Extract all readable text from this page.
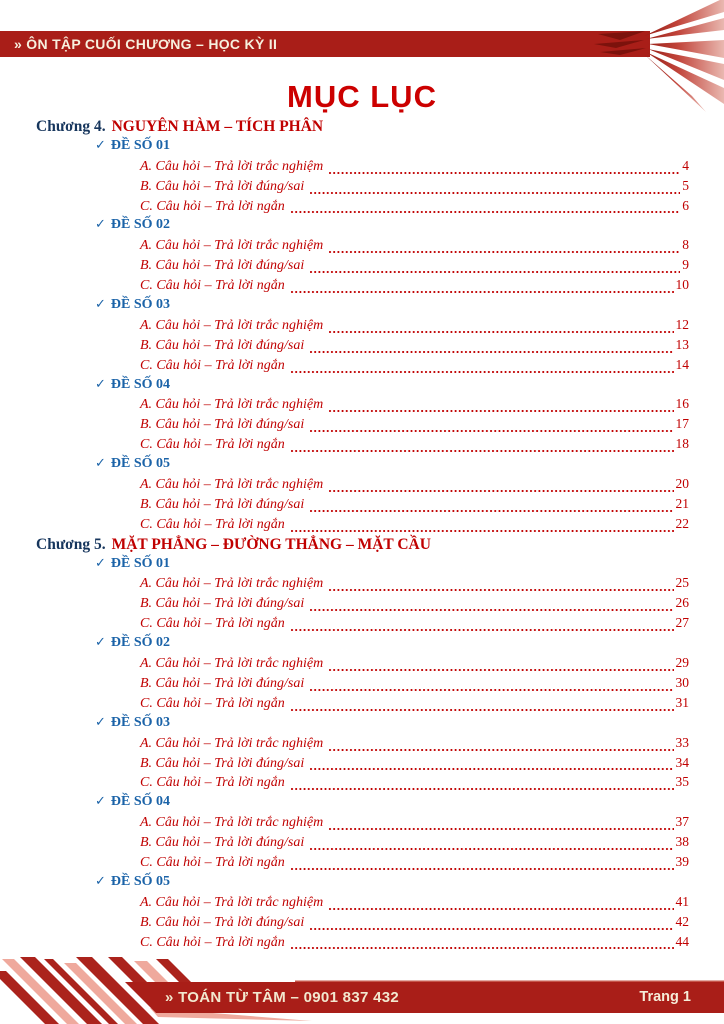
» ÔN TẬP CUỐI CHƯƠNG – HỌC KỲ II
MỤC LỤC
Chương 4. NGUYÊN HÀM – TÍCH PHÂN
✓ ĐỀ SỐ 01
A. Câu hỏi – Trả lời trắc nghiệm	4
B. Câu hỏi – Trả lời đúng/sai	5
C. Câu hỏi – Trả lời ngắn	6
✓ ĐỀ SỐ 02
A. Câu hỏi – Trả lời trắc nghiệm	8
B. Câu hỏi – Trả lời đúng/sai	9
C. Câu hỏi – Trả lời ngắn	10
✓ ĐỀ SỐ 03
A. Câu hỏi – Trả lời trắc nghiệm	12
B. Câu hỏi – Trả lời đúng/sai	13
C. Câu hỏi – Trả lời ngắn	14
✓ ĐỀ SỐ 04
A. Câu hỏi – Trả lời trắc nghiệm	16
B. Câu hỏi – Trả lời đúng/sai	17
C. Câu hỏi – Trả lời ngắn	18
✓ ĐỀ SỐ 05
A. Câu hỏi – Trả lời trắc nghiệm	20
B. Câu hỏi – Trả lời đúng/sai	21
C. Câu hỏi – Trả lời ngắn	22
Chương 5. MẶT PHẲNG – ĐƯỜNG THẲNG – MẶT CẦU
✓ ĐỀ SỐ 01
A. Câu hỏi – Trả lời trắc nghiệm	25
B. Câu hỏi – Trả lời đúng/sai	26
C. Câu hỏi – Trả lời ngắn	27
✓ ĐỀ SỐ 02
A. Câu hỏi – Trả lời trắc nghiệm	29
B. Câu hỏi – Trả lời đúng/sai	30
C. Câu hỏi – Trả lời ngắn	31
✓ ĐỀ SỐ 03
A. Câu hỏi – Trả lời trắc nghiệm	33
B. Câu hỏi – Trả lời đúng/sai	34
C. Câu hỏi – Trả lời ngắn	35
✓ ĐỀ SỐ 04
A. Câu hỏi – Trả lời trắc nghiệm	37
B. Câu hỏi – Trả lời đúng/sai	38
C. Câu hỏi – Trả lời ngắn	39
✓ ĐỀ SỐ 05
A. Câu hỏi – Trả lời trắc nghiệm	41
B. Câu hỏi – Trả lời đúng/sai	42
C. Câu hỏi – Trả lời ngắn	44
» TOÁN TỪ TÂM – 0901 837 432	Trang 1
